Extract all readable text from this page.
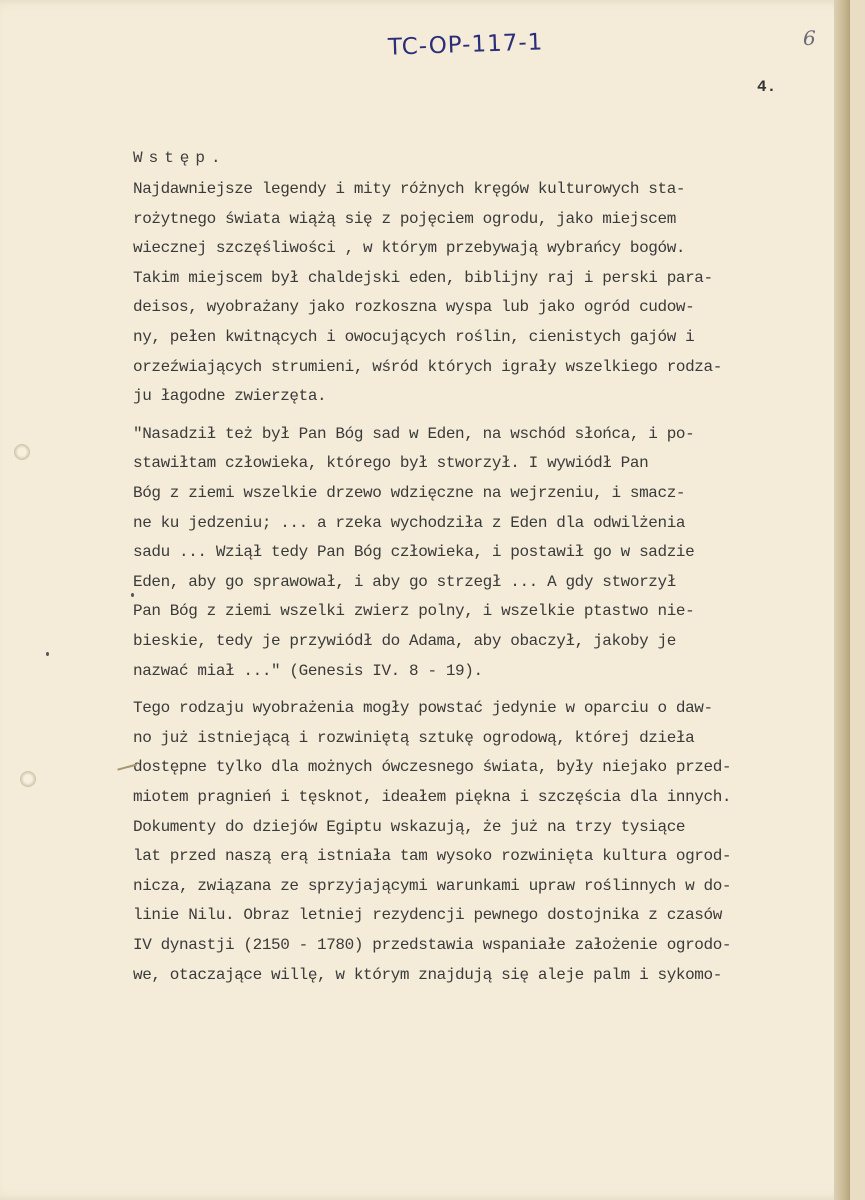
TC-OP-117-1	6
4.
Wstęp.
Najdawniejsze legendy i mity różnych kręgów kulturowych sta-
rożytnego świata wiążą się z pojęciem ogrodu, jako miejscem
wiecznej szczęśliwości , w którym przebywają wybrańcy bogów.
Takim miejscem był chaldejski eden, biblijny raj i perski para-
deisos, wyobrażany jako rozkoszna wyspa lub jako ogród cudow-
ny, pełen kwitnących i owocujących roślin, cienistych gajów i
orzeźwiających strumieni, wśród których igrały wszelkiego rodza-
ju łagodne zwierzęta.
"Nasadził też był Pan Bóg sad w Eden, na wschód słońca, i po-
stawiłtam człowieka, którego był stworzył. I wywiódł Pan
Bóg z ziemi wszelkie drzewo wdzięczne na wejrzeniu, i smacz-
ne ku jedzeniu; ... a rzeka wychodziła z Eden dla odwilżenia
sadu ... Wziął tedy Pan Bóg człowieka, i postawił go w sadzie
Eden, aby go sprawował, i aby go strzegł ... A gdy stworzył
Pan Bóg z ziemi wszelki zwierz polny, i wszelkie ptastwo nie-
bieskie, tedy je przywiódł do Adama, aby obaczył, jakoby je
nazwać miał ..." (Genesis IV. 8 - 19).
Tego rodzaju wyobrażenia mogły powstać jedynie w oparciu o daw-
no już istniejącą i rozwiniętą sztukę ogrodową, której dzieła
dostępne tylko dla możnych ówczesnego świata, były niejako przed-
miotem pragnień i tęsknot, ideałem piękna i szczęścia dla innych.
Dokumenty do dziejów Egiptu wskazują, że już na trzy tysiące
lat przed naszą erą istniała tam wysoko rozwinięta kultura ogrod-
nicza, związana ze sprzyjającymi warunkami upraw roślinnych w do-
linie Nilu. Obraz letniej rezydencji pewnego dostojnika z czasów
IV dynastji (2150 - 1780) przedstawia wspaniałe założenie ogrodo-
we, otaczające willę, w którym znajdują się aleje palm i sykomo-
